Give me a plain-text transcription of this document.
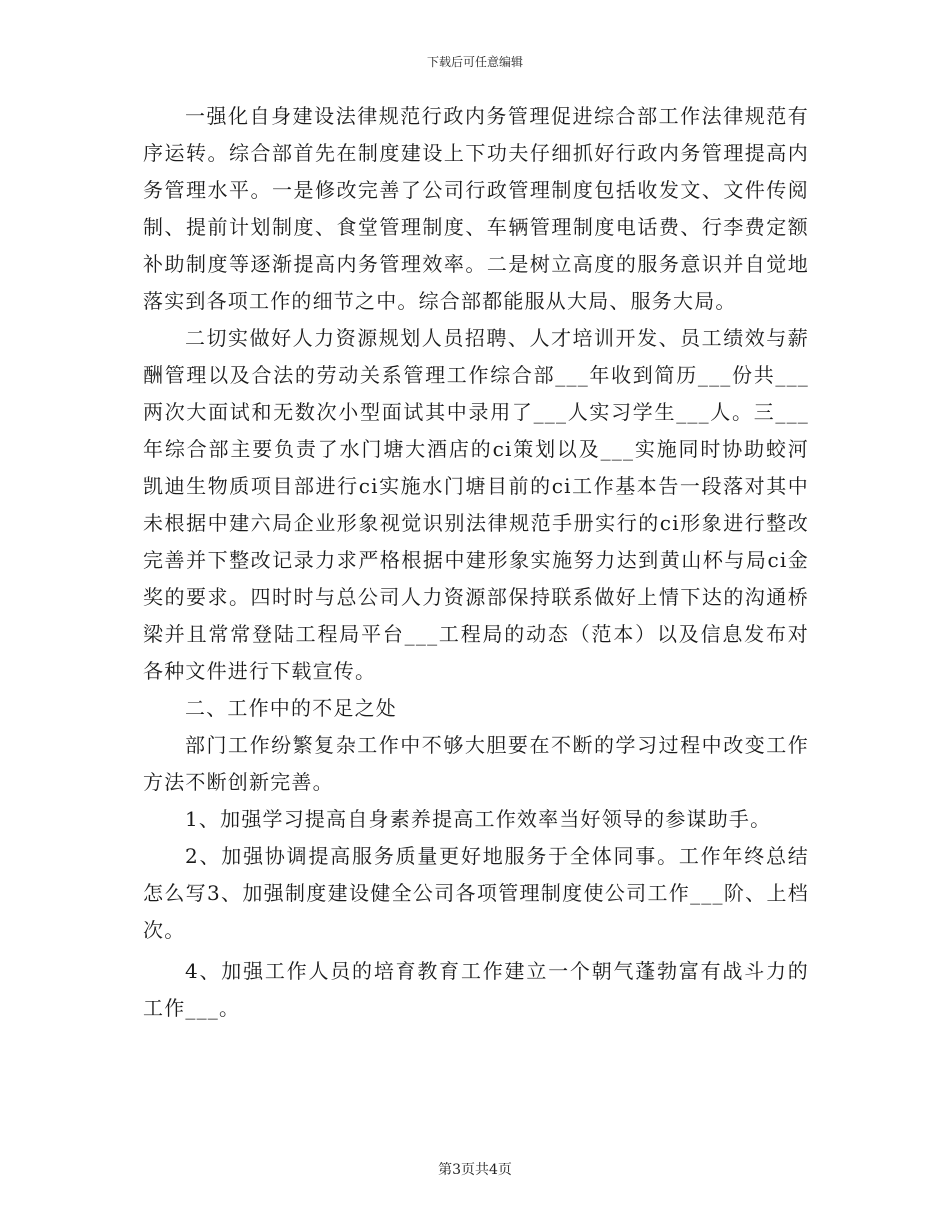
下载后可任意编辑

一强化自身建设法律规范行政内务管理促进综合部工作法律规范有序运转。综合部首先在制度建设上下功夫仔细抓好行政内务管理提高内务管理水平。一是修改完善了公司行政管理制度包括收发文、文件传阅制、提前计划制度、食堂管理制度、车辆管理制度电话费、行李费定额补助制度等逐渐提高内务管理效率。二是树立高度的服务意识并自觉地落实到各项工作的细节之中。综合部都能服从大局、服务大局。

二切实做好人力资源规划人员招聘、人才培训开发、员工绩效与薪酬管理以及合法的劳动关系管理工作综合部___年收到简历___份共___两次大面试和无数次小型面试其中录用了___人实习学生___人。三___年综合部主要负责了水门塘大酒店的ci策划以及___实施同时协助蛟河凯迪生物质项目部进行ci实施水门塘目前的ci工作基本告一段落对其中未根据中建六局企业形象视觉识别法律规范手册实行的ci形象进行整改完善并下整改记录力求严格根据中建形象实施努力达到黄山杯与局ci金奖的要求。四时时与总公司人力资源部保持联系做好上情下达的沟通桥梁并且常常登陆工程局平台___工程局的动态（范本）以及信息发布对各种文件进行下载宣传。

二、工作中的不足之处

部门工作纷繁复杂工作中不够大胆要在不断的学习过程中改变工作方法不断创新完善。

1、加强学习提高自身素养提高工作效率当好领导的参谋助手。

2、加强协调提高服务质量更好地服务于全体同事。工作年终总结怎么写3、加强制度建设健全公司各项管理制度使公司工作___阶、上档次。

4、加强工作人员的培育教育工作建立一个朝气蓬勃富有战斗力的工作___。

第3页共4页
